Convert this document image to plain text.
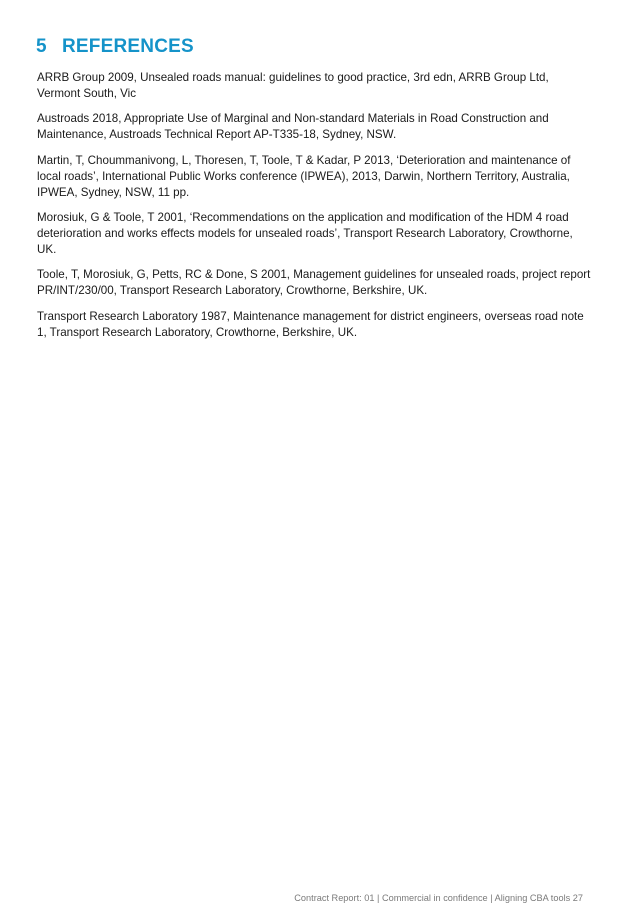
5 REFERENCES
ARRB Group 2009, Unsealed roads manual: guidelines to good practice, 3rd edn, ARRB Group Ltd, Vermont South, Vic
Austroads 2018, Appropriate Use of Marginal and Non-standard Materials in Road Construction and Maintenance, Austroads Technical Report AP-T335-18, Sydney, NSW.
Martin, T, Choummanivong, L, Thoresen, T, Toole, T & Kadar, P 2013, ‘Deterioration and maintenance of local roads’, International Public Works conference (IPWEA), 2013, Darwin, Northern Territory, Australia, IPWEA, Sydney, NSW, 11 pp.
Morosiuk, G & Toole, T 2001, ‘Recommendations on the application and modification of the HDM 4 road deterioration and works effects models for unsealed roads’, Transport Research Laboratory, Crowthorne, UK.
Toole, T, Morosiuk, G, Petts, RC & Done, S 2001, Management guidelines for unsealed roads, project report PR/INT/230/00, Transport Research Laboratory, Crowthorne, Berkshire, UK.
Transport Research Laboratory 1987, Maintenance management for district engineers, overseas road note 1, Transport Research Laboratory, Crowthorne, Berkshire, UK.
Contract Report: 01 | Commercial in confidence | Aligning CBA tools 27
